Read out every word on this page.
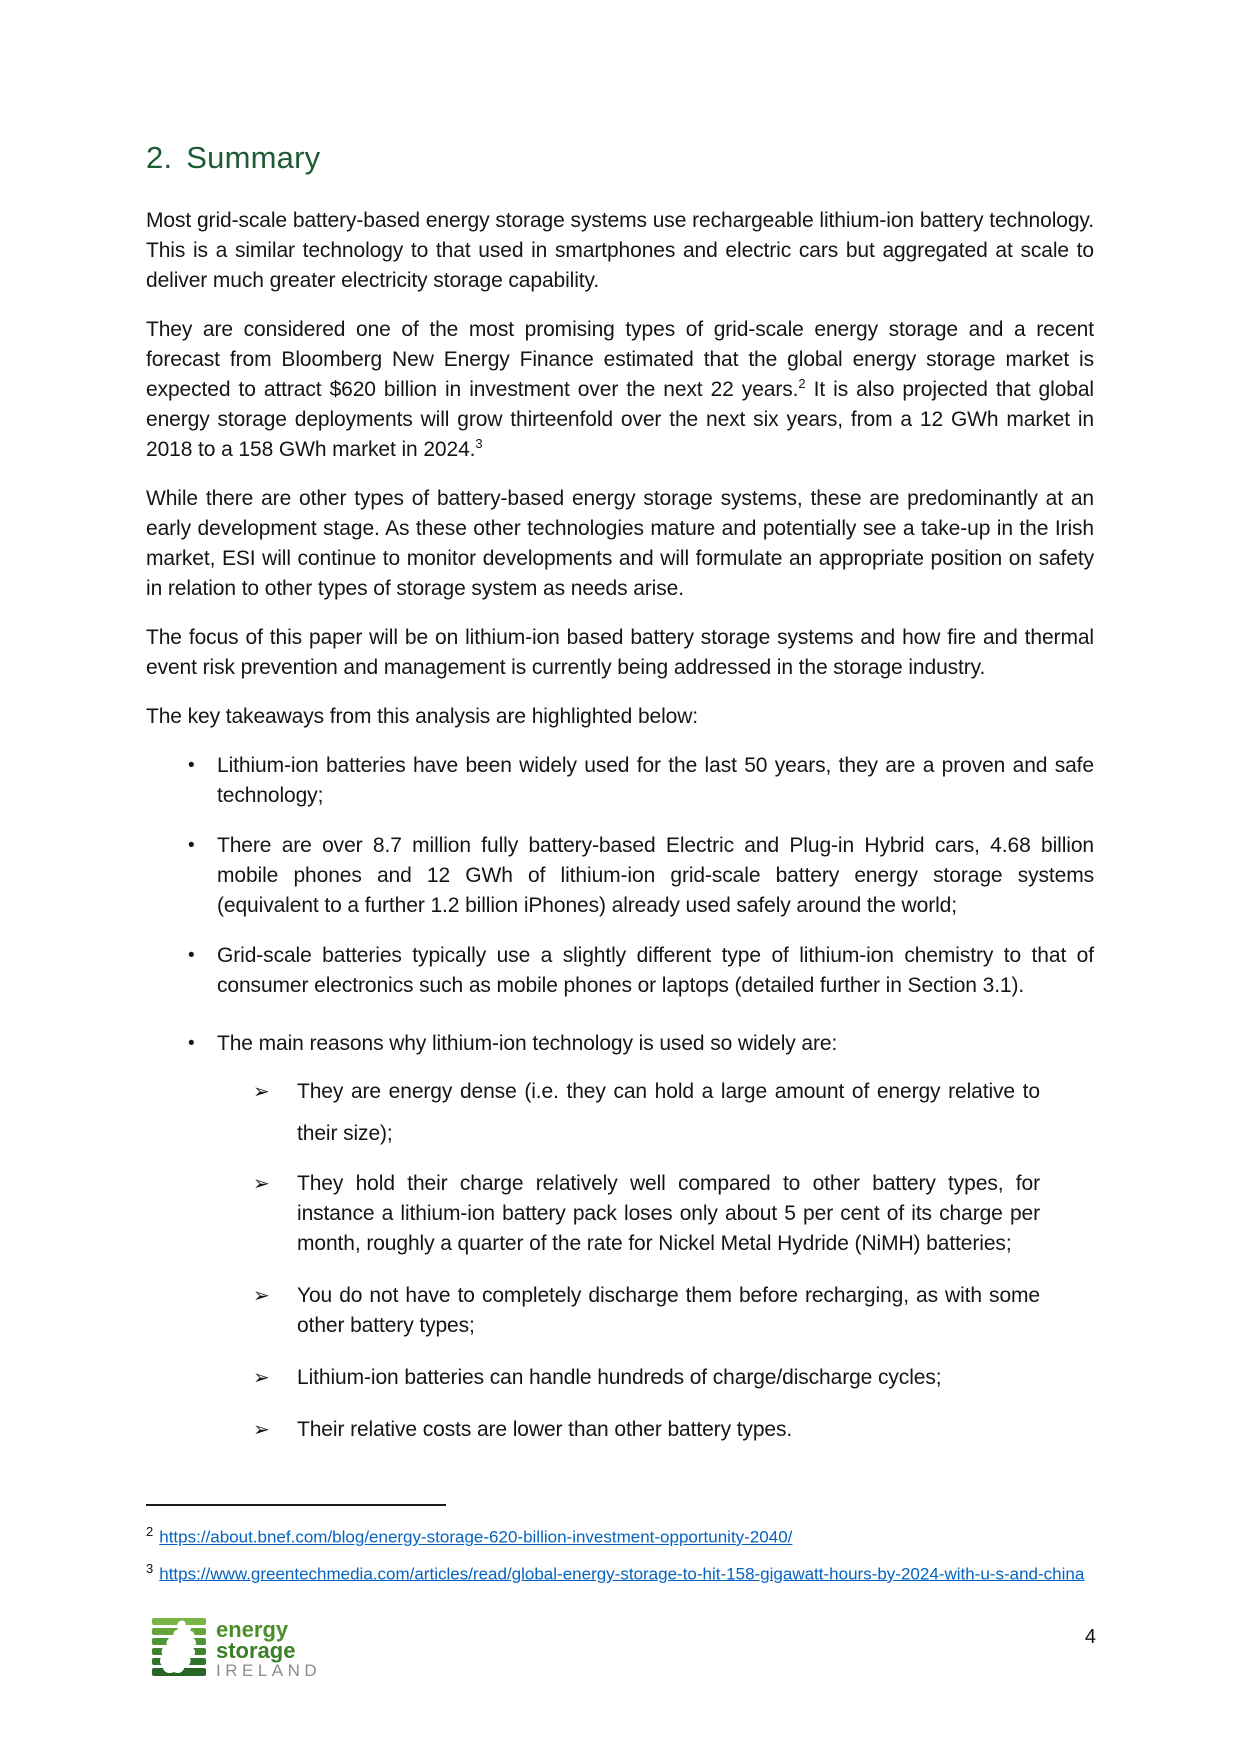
2. Summary

Most grid-scale battery-based energy storage systems use rechargeable lithium-ion battery technology. This is a similar technology to that used in smartphones and electric cars but aggregated at scale to deliver much greater electricity storage capability.

They are considered one of the most promising types of grid-scale energy storage and a recent forecast from Bloomberg New Energy Finance estimated that the global energy storage market is expected to attract $620 billion in investment over the next 22 years.$^2$ It is also projected that global energy storage deployments will grow thirteenfold over the next six years, from a 12 GWh market in 2018 to a 158 GWh market in 2024.$^3$

While there are other types of battery-based energy storage systems, these are predominantly at an early development stage. As these other technologies mature and potentially see a take-up in the Irish market, ESI will continue to monitor developments and will formulate an appropriate position on safety in relation to other types of storage system as needs arise.

The focus of this paper will be on lithium-ion based battery storage systems and how fire and thermal event risk prevention and management is currently being addressed in the storage industry.

The key takeaways from this analysis are highlighted below:

• Lithium-ion batteries have been widely used for the last 50 years, they are a proven and safe technology;
• There are over 8.7 million fully battery-based Electric and Plug-in Hybrid cars, 4.68 billion mobile phones and 12 GWh of lithium-ion grid-scale battery energy storage systems (equivalent to a further 1.2 billion iPhones) already used safely around the world;
• Grid-scale batteries typically use a slightly different type of lithium-ion chemistry to that of consumer electronics such as mobile phones or laptops (detailed further in Section 3.1).
• The main reasons why lithium-ion technology is used so widely are:
➢ They are energy dense (i.e. they can hold a large amount of energy relative to their size);
➢ They hold their charge relatively well compared to other battery types, for instance a lithium-ion battery pack loses only about 5 per cent of its charge per month, roughly a quarter of the rate for Nickel Metal Hydride (NiMH) batteries;
➢ You do not have to completely discharge them before recharging, as with some other battery types;
➢ Lithium-ion batteries can handle hundreds of charge/discharge cycles;
➢ Their relative costs are lower than other battery types.
$^2$ https://about.bnef.com/blog/energy-storage-620-billion-investment-opportunity-2040/
$^3$ https://www.greentechmedia.com/articles/read/global-energy-storage-to-hit-158-gigawatt-hours-by-2024-with-u-s-and-china
energy
storage
IRELAND
4
